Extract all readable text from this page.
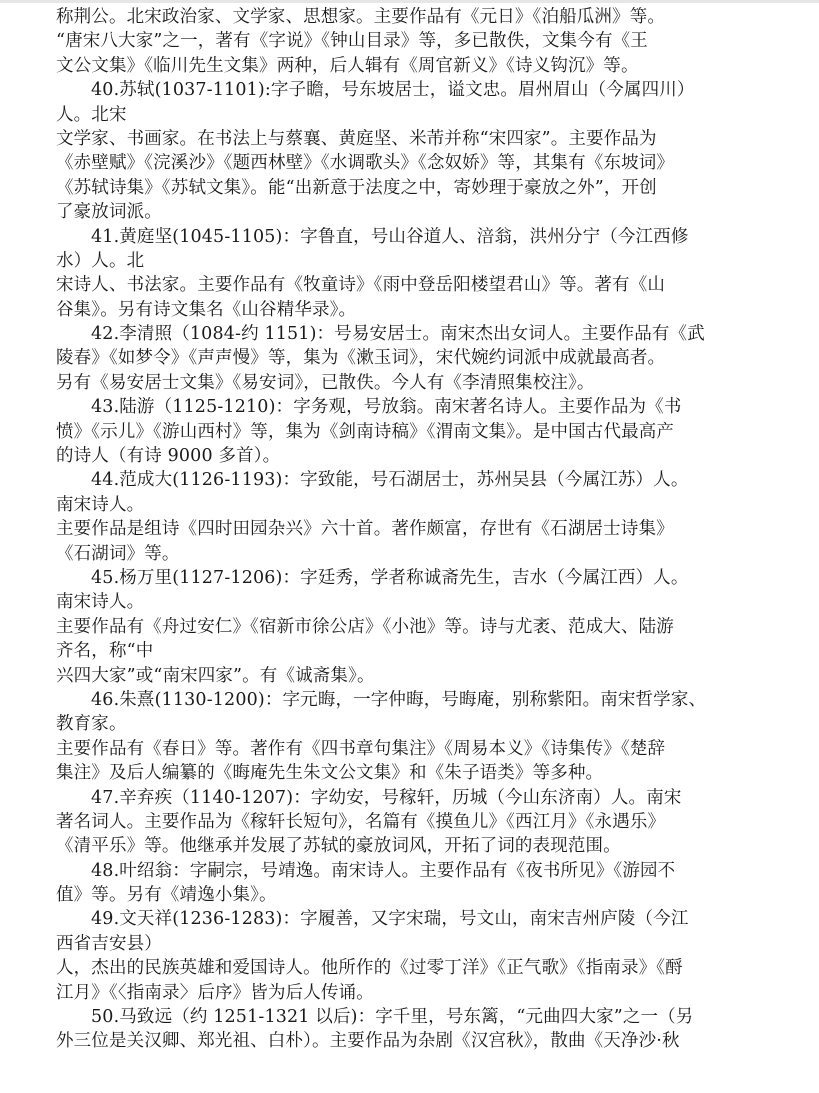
称荆公。北宋政治家、文学家、思想家。主要作品有《元日》《泊船瓜洲》等。
“唐宋八大家”之一，著有《字说》《钟山目录》等，多已散佚，文集今有《王
文公文集》《临川先生文集》两种，后人辑有《周官新义》《诗义钩沉》等。
40.苏轼(1037-1101):字子瞻，号东坡居士，谥文忠。眉州眉山（今属四川）
人。北宋
文学家、书画家。在书法上与蔡襄、黄庭坚、米芾并称“宋四家”。主要作品为
《赤壁赋》《浣溪沙》《题西林壁》《水调歌头》《念奴娇》等，其集有《东坡词》
《苏轼诗集》《苏轼文集》。能“出新意于法度之中，寄妙理于豪放之外”，开创
了豪放词派。
41.黄庭坚(1045-1105)：字鲁直，号山谷道人、涪翁，洪州分宁（今江西修
水）人。北
宋诗人、书法家。主要作品有《牧童诗》《雨中登岳阳楼望君山》等。著有《山
谷集》。另有诗文集名《山谷精华录》。
42.李清照（1084-约 1151)：号易安居士。南宋杰出女词人。主要作品有《武
陵春》《如梦令》《声声慢》等，集为《漱玉词》，宋代婉约词派中成就最高者。
另有《易安居士文集》《易安词》，已散佚。今人有《李清照集校注》。
43.陆游（1125-1210)：字务观，号放翁。南宋著名诗人。主要作品为《书
愤》《示儿》《游山西村》等，集为《剑南诗稿》《渭南文集》。是中国古代最高产
的诗人（有诗 9000 多首）。
44.范成大(1126-1193)：字致能，号石湖居士，苏州吴县（今属江苏）人。
南宋诗人。
主要作品是组诗《四时田园杂兴》六十首。著作颇富，存世有《石湖居士诗集》
《石湖词》等。
45.杨万里(1127-1206)：字廷秀，学者称诚斋先生，吉水（今属江西）人。
南宋诗人。
主要作品有《舟过安仁》《宿新市徐公店》《小池》等。诗与尤袤、范成大、陆游
齐名，称“中
兴四大家”或“南宋四家”。有《诚斋集》。
46.朱熹(1130-1200)：字元晦，一字仲晦，号晦庵，别称紫阳。南宋哲学家、
教育家。
主要作品有《春日》等。著作有《四书章句集注》《周易本义》《诗集传》《楚辞
集注》及后人编纂的《晦庵先生朱文公文集》和《朱子语类》等多种。
47.辛弃疾（1140-1207)：字幼安，号稼轩，历城（今山东济南）人。南宋
著名词人。主要作品为《稼轩长短句》，名篇有《摸鱼儿》《西江月》《永遇乐》
《清平乐》等。他继承并发展了苏轼的豪放词风，开拓了词的表现范围。
48.叶绍翁：字嗣宗，号靖逸。南宋诗人。主要作品有《夜书所见》《游园不
值》等。另有《靖逸小集》。
49.文天祥(1236-1283)：字履善，又字宋瑞，号文山，南宋吉州庐陵（今江
西省吉安县）
人，杰出的民族英雄和爱国诗人。他所作的《过零丁洋》《正气歌》《指南录》《酹
江月》《〈指南录〉后序》皆为后人传诵。
50.马致远（约 1251-1321 以后)：字千里，号东篱，“元曲四大家”之一（另
外三位是关汉卿、郑光祖、白朴）。主要作品为杂剧《汉宫秋》，散曲《天净沙·秋
